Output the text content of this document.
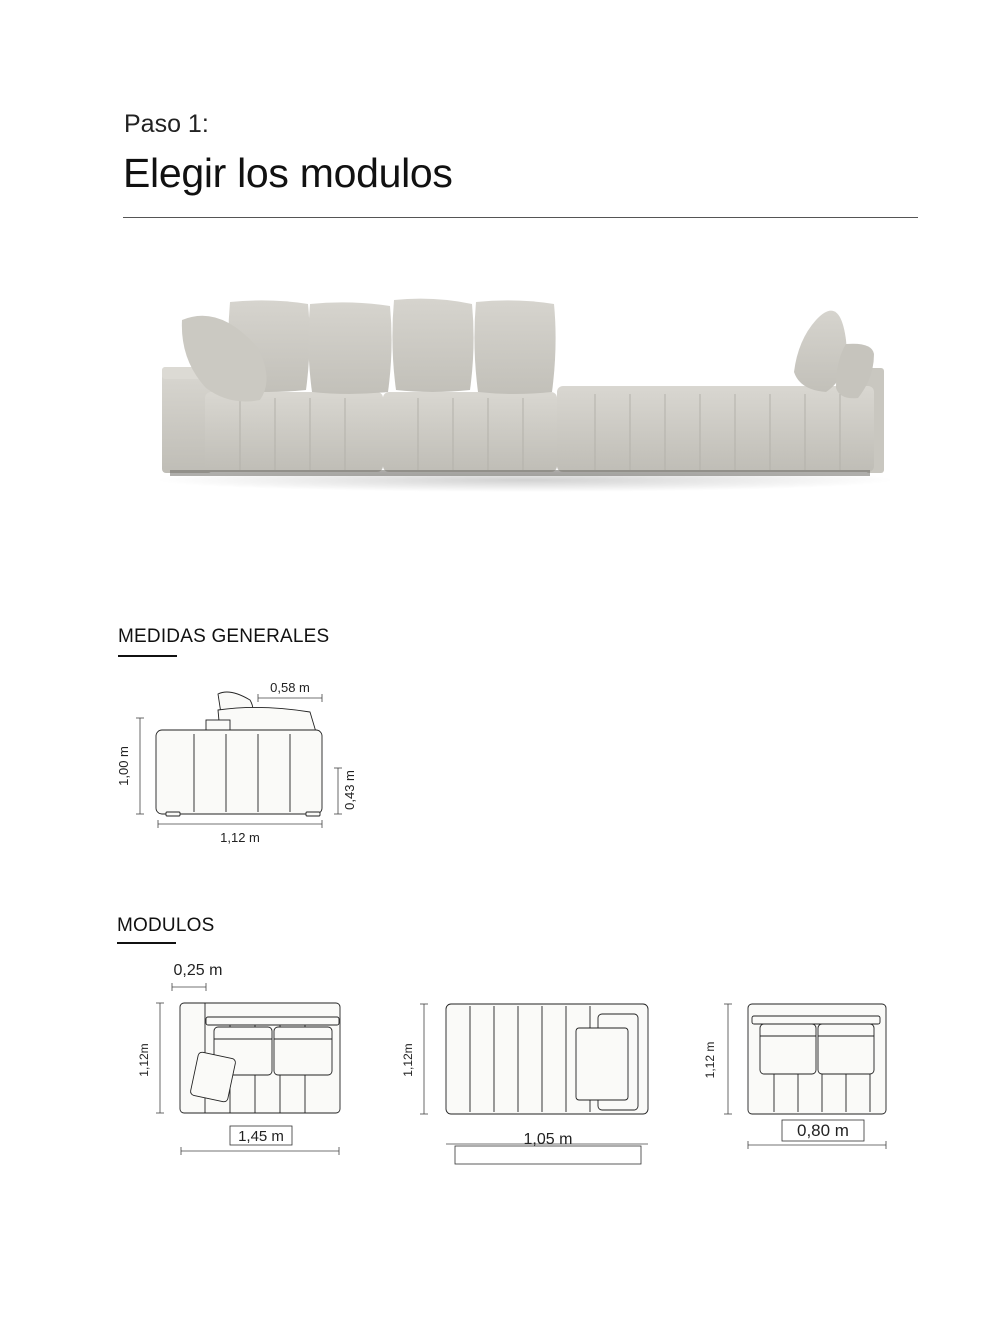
Paso 1:
Elegir los modulos
MEDIDAS GENERALES
0,58 m
1,00 m
0,43 m
1,12 m
MODULOS
0,25 m
1,12m
1,45 m
1,12m
1,05 m
1,12 m
0,80 m
